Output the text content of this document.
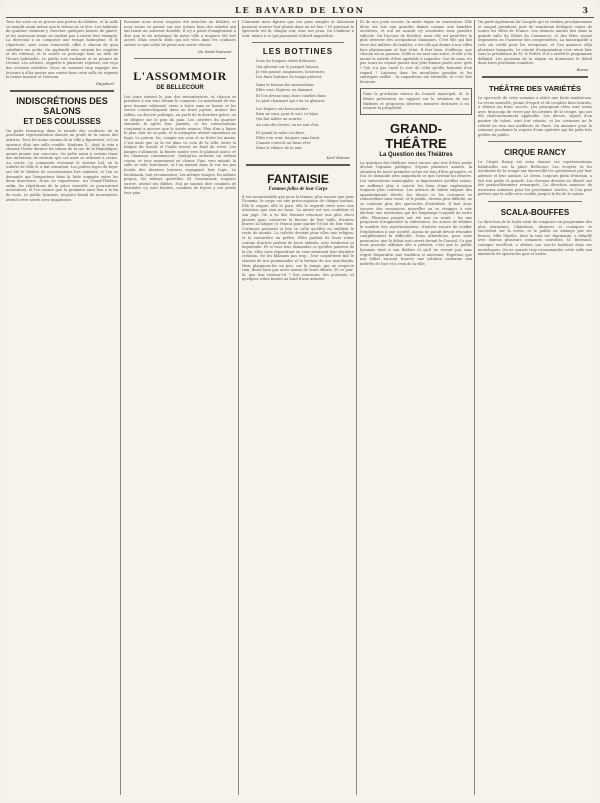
LE BAVARD DE LYON	3
Tous les soirs on se presse aux portes du théâtre, et la salle se remplit avant même que le rideau ne se lève. Les habitués du quartier viennent y chercher quelques heures de gaieté, et les nouveaux venus ne tardent pas à suivre leur exemple. La direction a su composer une troupe homogène, et le répertoire, sans cesse renouvelé, offre à chacun de quoi satisfaire ses goûts. On applaudit avec entrain les couplets et les refrains, et la soirée se prolonge bien au delà de l'heure habituelle. Le public sort enchanté et se promet de revenir. Les artistes, rappelés à plusieurs reprises, ont reçu des ovations méritées. Nous ne saurions trop engager nos lecteurs à aller passer une soirée dans cette salle où règnent la bonne humeur et l'entrain.
Dagobert
INDISCRÉTIONS DES SALONS
ET DES COULISSES
On parle beaucoup dans le monde des coulisses de la prochaine représentation donnée au profit de la caisse des artistes. Tous les noms connus de la ville y figureront, et l'on annonce déjà une salle comble. Madame X., dont la voix a charmé l'hiver dernier les salons de la rue de la République, aurait promis son concours. On prête aussi à certain ténor des intentions de retraite que ses amis se refusent à croire. Au cercle, on commente vivement le dernier bal, où la toilette de Mlle B. a fait sensation. Les petites loges du foyer ont été le théâtre de conversations fort animées, et l'on se demande qui l'emportera dans la lutte engagée entre les deux directeurs. Nous en reparlerons. Au Grand-Théâtre, enfin, les répétitions de la pièce nouvelle se poursuivent activement, et l'on assure que la première aura lieu à la fin du mois. Le public lyonnais, toujours friand de nouveautés, attend cette soirée avec impatience.
Pourtant nous avons toujours été attachés au théâtre, et nous avons vu passer sur nos scènes bien des artistes qui ont laissé un souvenir durable. Il n'y a point d'exagération à dire que la vie artistique de notre ville a toujours été fort active. Mais ceux-là seuls qui ont vécu dans les coulisses savent ce que coûte de peine une soirée réussie.
Du Saint-Sauveur
L'ASSOMMOIR
DE BELLECOUR
Les jours suivent le jour des remontrances, et chacun se présente à son tour devant le comptoir. Le marchand de vin, gros homme rubicond, verse à boire sans se lasser, et les verres s'entrechoquent dans un bruit joyeux. Autour des tables, on discute politique, on parle de la dernière grève, on se dispute sur le prix du pain. Les ouvriers du quartier viennent là après leur journée, et les conversations s'animent à mesure que la soirée avance. Plus d'un y laisse le plus clair de sa paie, et la ménagère attend vainement au logis. Le patron, lui, compte ses sous et se frotte les mains. C'est ainsi que va la vie dans ce coin de la ville, entre la fatigue du travail et l'oubli trouvé au fond du verre. Les lampes s'allument, la fumée monte vers le plafond noirci, et les chansons commencent. Quelqu'un entonne un refrain connu, et tous reprennent en chœur. Puis, vers minuit, la salle se vide lentement, et l'on entend dans la rue les pas lourds des derniers buveurs regagnant leur logis. Le lendemain, tout recommence. Les mêmes visages, les mêmes propos, les mêmes querelles. Et l'assommoir, toujours ouvert, attend ses fidèles. Nul ne saurait dire combien de destinées s'y sont brisées, combien de foyers y ont perdu leur paix.
Comment nous figurer que ces gens simples et laborieux puissent trouver leur plaisir dans un tel lieu ? Et pourtant le spectacle est là, chaque soir, sous nos yeux. On s'habitue à tout, même à ce qui paraissait d'abord impossible.
LES BOTTINES
Sous les longues robes frôleuses
Qui glissent sur le parquet luisant,
Je vois passer, mignonnes, heureuses,
Les fines bottines du temps présent.
Dans le frisson des mousselines
Elles vont, légères, en dansant,
Et l'on devine sous leurs courbes fines
Le pied charmant qui s'en va glissant.
Les fripiers ont beau médire,
Rien ne vaut, pour le soir, ce bijou
Qui fait naître un sourire
Au coin des lèvres, on ne sait d'où.
Et quand la valse s'achève,
Elles s'en vont, toujours sans bruit,
Comme s'envole un beau rêve
Dans le silence de la nuit.
Karl Munier
FANTAISIE
Femmes folles de leur Corps
Il est incontestable que pour la femme, plus encore que pour l'homme, le corps est une préoccupation de chaque instant. Elle le soigne, elle le pare, elle le regarde vivre avec une attention que rien ne lasse. Le miroir est son confident et son juge. On a vu des femmes renoncer aux plus chers plaisirs pour conserver la finesse de leur taille, d'autres braver la fatigue et l'ennui pour garder l'éclat de leur teint. Certaines poussent si loin ce culte qu'elles en oublient le reste du monde. La toilette devient pour elles une religion, et la couturière un prêtre. Elles parlent de leurs robes comme d'autres parlent de leurs enfants, avec tendresse et inquiétude. Et si vous leur demandez ce qu'elles pensent de la vie, elles vous répondront en vous montrant leur dernière création. Ne les blâmons pas trop : leur coquetterie fait le charme de nos promenades et la fortune de nos marchands. Mais plaignons-les un peu, car le temps, qui ne respecte rien, finira bien par avoir raison de leurs efforts. Et ce jour-là, que leur restera-t-il ? Des souvenirs, des portraits, et quelques robes fanées au fond d'une armoire.
Et de nos jours encore, la mode règne en souveraine. Elle dicte ses lois aux grandes dames comme aux humbles ouvrières, et nul ne saurait s'y soustraire sans paraître ridicule. On l'accuse de frivolité, mais elle est peut-être la plus sérieuse des occupations humaines. C'est elle qui fait vivre des milliers de familles, c'est elle qui donne à nos villes leur physionomie et leur éclat. Il faut bien, d'ailleurs, que chacun ait sa passion. Celle-ci en vaut une autre, et elle a du moins le mérite d'être agréable à regarder. Qui de nous n'a pas souri en voyant passer une jolie femme parée avec goût ? Qui n'a pas envié le sort de celui qu'elle honorait d'un regard ? Laissons donc les moralistes gronder et les satiriques railler : la coquetterie est éternelle, et c'est fort heureux.
Dans la prochaine séance du Conseil municipal, M. le Maire présentera un rapport sur la situation de nos théâtres et proposera diverses mesures destinées à en assurer la prospérité.
GRAND-THÉÂTRE
La Question des Théâtres
La question des théâtres vient encore une fois d'être posée devant l'opinion publique. Depuis plusieurs années, la situation de notre première scène est loin d'être prospère, et l'on se demande avec inquiétude ce que l'avenir lui réserve. Les subventions municipales, si importantes qu'elles soient, ne suffisent plus à couvrir les frais d'une exploitation toujours plus coûteuse. Les artistes de talent exigent des appointements élevés, les décors et les costumes se renouvellent sans cesse, et le public, devenu plus difficile, ne se contente plus des spectacles d'autrefois. Il faut donc trouver des ressources nouvelles ou se résigner à voir déchoir une institution qui fut longtemps l'orgueil de notre ville. Plusieurs projets ont été mis en avant : les uns proposent d'augmenter la subvention, les autres de réduire le nombre des représentations, d'autres encore de confier l'exploitation à une société. Aucun ne paraît devoir résoudre complètement la difficulté. Nous attendrons, pour nous prononcer, que le débat soit ouvert devant le Conseil. Ce que nous pouvons affirmer dès à présent, c'est que le public lyonnais tient à son théâtre et qu'il ne verrait pas sans regret disparaître une tradition si ancienne. Espérons que nos édiles sauront trouver une solution conforme aux intérêts de l'art et à ceux de la ville.
On parle également du Congrès qui se tiendra prochainement et auquel prendront part de nombreux délégués venus de toutes les villes de France. Les séances auront lieu dans la grande salle du Palais du Commerce, et des fêtes seront organisées en l'honneur des congressistes. La municipalité a voté un crédit pour les réceptions, et l'on annonce déjà plusieurs banquets. Le comité d'organisation s'est réuni hier sous la présidence de M. le Préfet, et il a arrêté le programme définitif. Les journaux de la région en donneront le détail dans leurs prochains numéros.
Bossu
THÉÂTRE DES VARIÉTÉS
Le spectacle de cette semaine a attiré une foule nombreuse. La revue nouvelle, pleine d'esprit et de couplets bien tournés, a obtenu un franc succès. Les principaux rôles sont tenus avec beaucoup de verve par les artistes de la troupe, qui ont été chaleureusement applaudis. Les décors, signés d'un peintre de talent, sont fort réussis, et les costumes ne le cèdent en rien aux meilleurs de Paris. On annonce pour la semaine prochaine la reprise d'une opérette qui fut jadis très goûtée du public.
CIRQUE RANCY
Le Cirque Rancy est venu donner ses représentations habituelles sur la place Bellecour. Les écuyers et les acrobates de la troupe ont émerveillé les spectateurs par leur adresse et leur audace. Le clown, toujours plein d'entrain, a fait rire petits et grands. Les chevaux dressés en liberté ont été particulièrement remarqués. La direction annonce de nouveaux numéros pour les prochaines soirées, et l'on peut prévoir que la salle sera comble jusqu'à la fin de la saison.
SCALA-BOUFFES
La direction de la Scala vient de composer un programme des plus attrayants. Chanteurs, diseuses et comiques se succèdent sur la scène, et le public ne ménage pas ses bravos. Mlle Marthe, dont la voix est charmante, a détaillé avec finesse plusieurs romances nouvelles. M. Bertrand, comique excellent, a obtenu son succès habituel dans ses monologues. On ne saurait trop recommander cette salle aux amateurs de spectacles gais et variés.
